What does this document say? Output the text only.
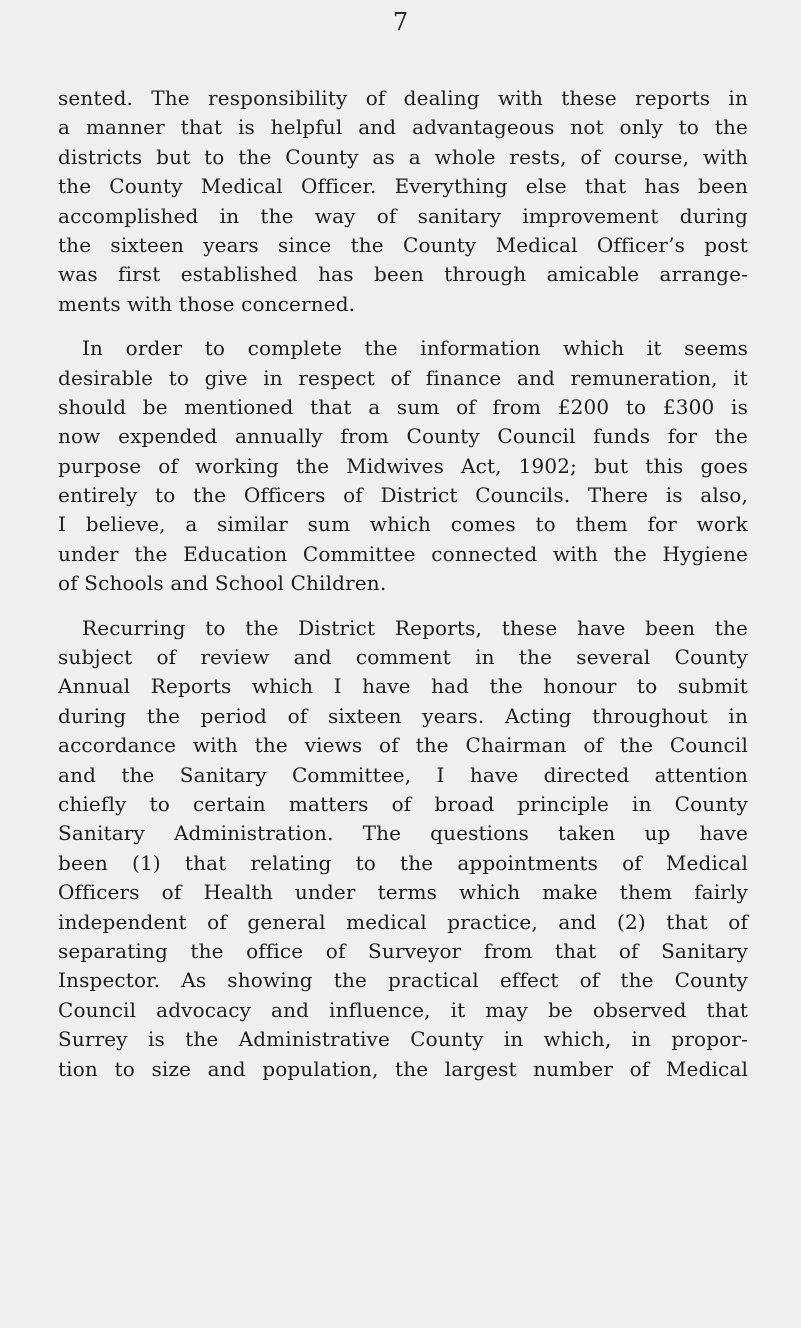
7
sented. The responsibility of dealing with these reports in
a manner that is helpful and advantageous not only to the
districts but to the County as a whole rests, of course, with
the County Medical Officer. Everything else that has been
accomplished in the way of sanitary improvement during
the sixteen years since the County Medical Officer’s post
was first established has been through amicable arrange-
ments with those concerned.
In order to complete the information which it seems
desirable to give in respect of finance and remuneration, it
should be mentioned that a sum of from £200 to £300 is
now expended annually from County Council funds for the
purpose of working the Midwives Act, 1902; but this goes
entirely to the Officers of District Councils. There is also,
I believe, a similar sum which comes to them for work
under the Education Committee connected with the Hygiene
of Schools and School Children.
Recurring to the District Reports, these have been the
subject of review and comment in the several County
Annual Reports which I have had the honour to submit
during the period of sixteen years. Acting throughout in
accordance with the views of the Chairman of the Council
and the Sanitary Committee, I have directed attention
chiefly to certain matters of broad principle in County
Sanitary Administration. The questions taken up have
been (1) that relating to the appointments of Medical
Officers of Health under terms which make them fairly
independent of general medical practice, and (2) that of
separating the office of Surveyor from that of Sanitary
Inspector. As showing the practical effect of the County
Council advocacy and influence, it may be observed that
Surrey is the Administrative County in which, in propor-
tion to size and population, the largest number of Medical
